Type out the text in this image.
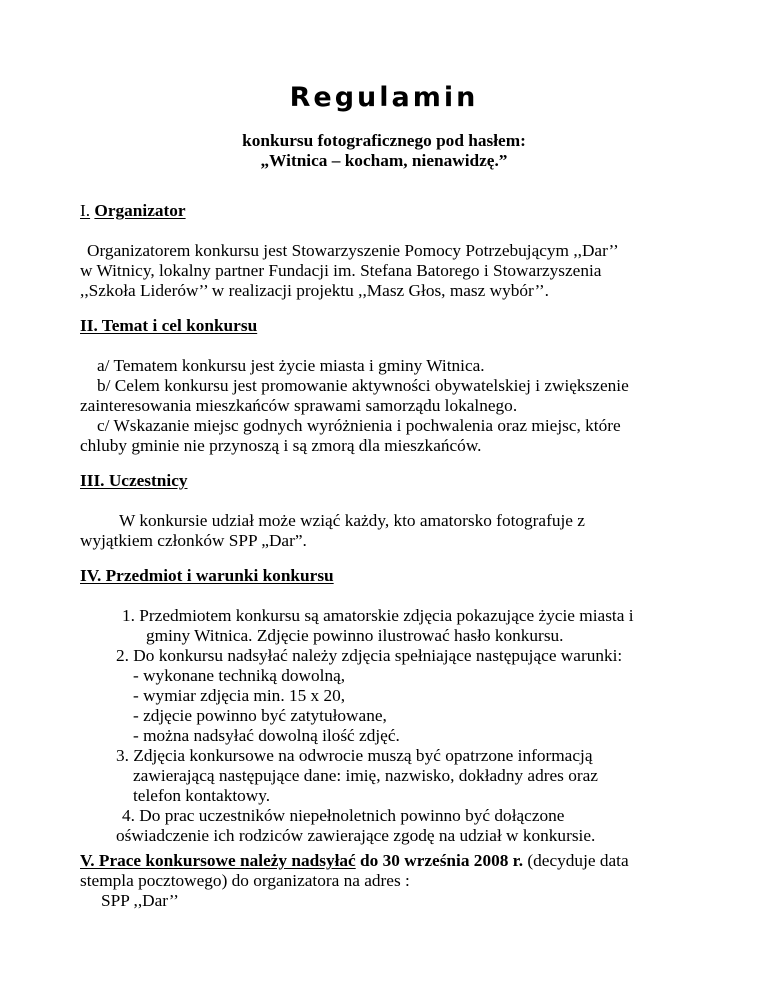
Regulamin
konkursu fotograficznego pod hasłem:
„Witnica – kocham, nienawidzę.”
I. Organizator
Organizatorem konkursu jest Stowarzyszenie Pomocy Potrzebującym ,,Dar’’
w Witnicy, lokalny partner Fundacji im. Stefana Batorego i Stowarzyszenia
,,Szkoła Liderów’’ w realizacji projektu ,,Masz Głos, masz wybór’’.
II. Temat i cel konkursu
a/ Tematem konkursu jest życie miasta i gminy Witnica.
b/ Celem konkursu jest promowanie aktywności obywatelskiej i zwiększenie
zainteresowania mieszkańców sprawami samorządu lokalnego.
c/ Wskazanie miejsc godnych wyróżnienia i pochwalenia oraz miejsc, które
chluby gminie nie przynoszą i są zmorą dla mieszkańców.
III. Uczestnicy
W konkursie udział może wziąć każdy, kto amatorsko fotografuje z
wyjątkiem członków SPP „Dar”.
IV. Przedmiot i warunki konkursu
1. Przedmiotem konkursu są amatorskie zdjęcia pokazujące życie miasta i
gminy Witnica. Zdjęcie powinno ilustrować hasło konkursu.
2. Do konkursu nadsyłać należy zdjęcia spełniające następujące warunki:
- wykonane techniką dowolną,
- wymiar zdjęcia min. 15 x 20,
- zdjęcie powinno być zatytułowane,
- można nadsyłać dowolną ilość zdjęć.
3. Zdjęcia konkursowe na odwrocie muszą być opatrzone informacją
zawierającą następujące dane: imię, nazwisko, dokładny adres oraz
telefon kontaktowy.
4. Do prac uczestników niepełnoletnich powinno być dołączone
oświadczenie ich rodziców zawierające zgodę na udział w konkursie.
V. Prace konkursowe należy nadsyłać do 30 września 2008 r. (decyduje data
stempla pocztowego) do organizatora na adres :
SPP ,,Dar’’
